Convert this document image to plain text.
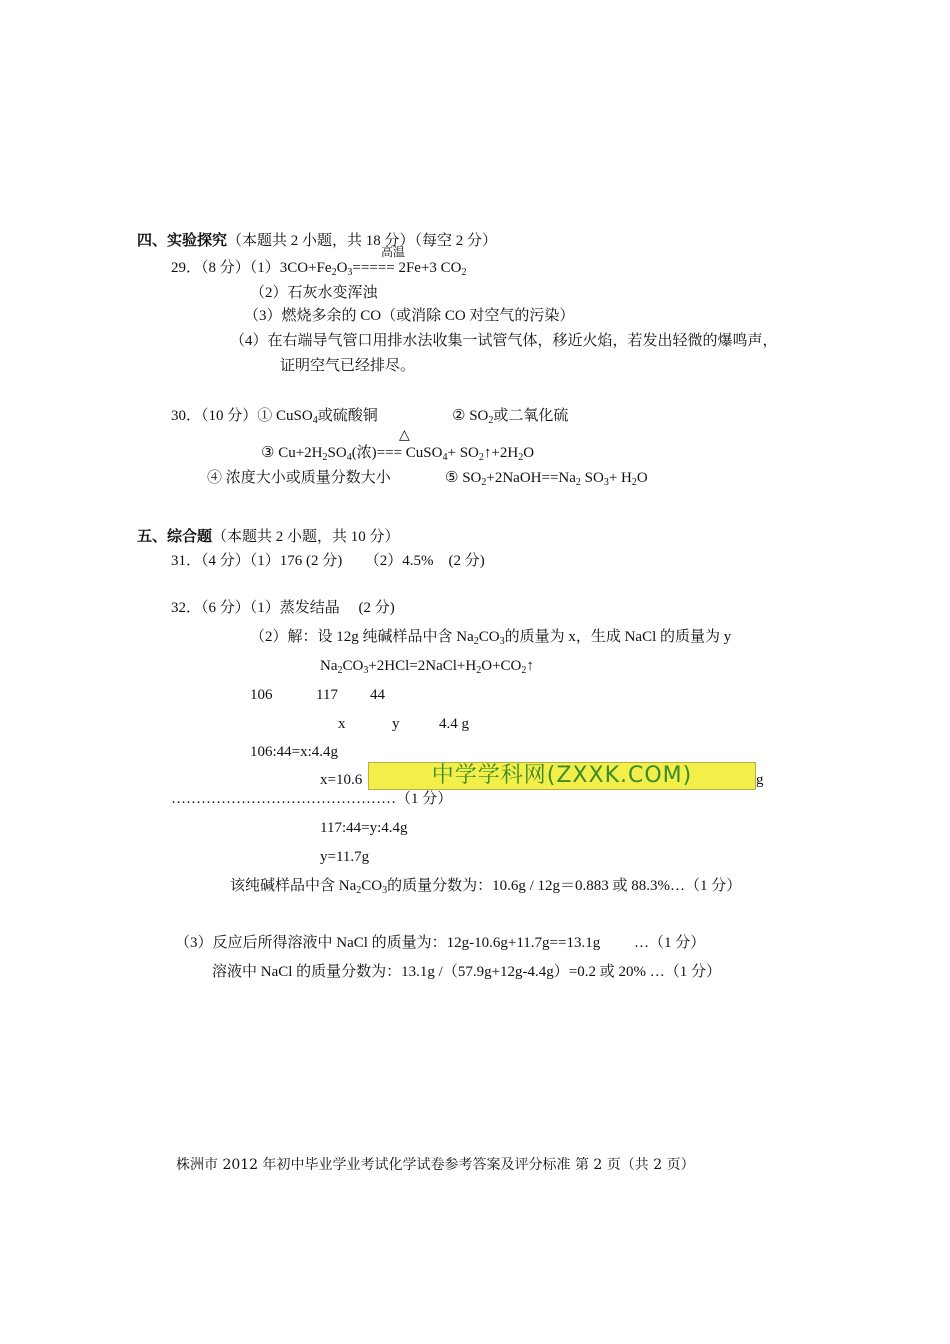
四、实验探究（本题共 2 小题，共 18 分）（每空 2 分）
高温
29．（8 分）$(1)3CO+Fe_2O_3===== 2Fe+3$ $CO_2$
（2）石灰水变浑浊
（3）燃烧多余的 CO（或消除 CO 对空气的污染）
（4）在右端导气管口用排水法收集一试管气体，移近火焰，若发出轻微的爆鸣声，
证明空气已经排尽。
30．（10 分）① CuSO$_4$或硫酸铜	② $SO_2$或二氧化硫
△
③ $Cu+2H_2SO_4$(浓)=== CuSO$_4$+ $SO_2↑+2H_2O$
④ 浓度大小或质量分数大小	⑤ $SO_2+2NaOH==Na_2$ $SO_3+ H_2O$
五、综合题（本题共 2 小题，共 10 分）
31．（4 分）（1）176 (2 分)　　（2）4.5%　(2 分)
32．（6 分）（1）蒸发结晶　 (2 分)
（2）解：设 12g 纯碱样品中含 $Na_2CO_3$的质量为 x，生成 NaCl 的质量为 y
$Na_2CO_3+2HCl=2NaCl+H_2O+CO_2↑$
106	117 44
x	y	4.4 g
106:44=x:4.4g
x=10.6	中学学科网(ZXXK.COM)	g
………………………………………（1 分）
117:44=y:4.4g
y=11.7g
该纯碱样品中含 $Na_2CO_3$的质量分数为：10.6g / 12g＝0.883 或 88.3%…（1 分）
（3）反应后所得溶液中 NaCl 的质量为：12g-10.6g+11.7g==13.1g　　 …（1 分）
溶液中 NaCl 的质量分数为：13.1g /（57.9g+12g-4.4g）=0.2 或 20% …（1 分）
株洲市 2012 年初中毕业学业考试化学试卷参考答案及评分标准 第 2 页（共 2 页）
